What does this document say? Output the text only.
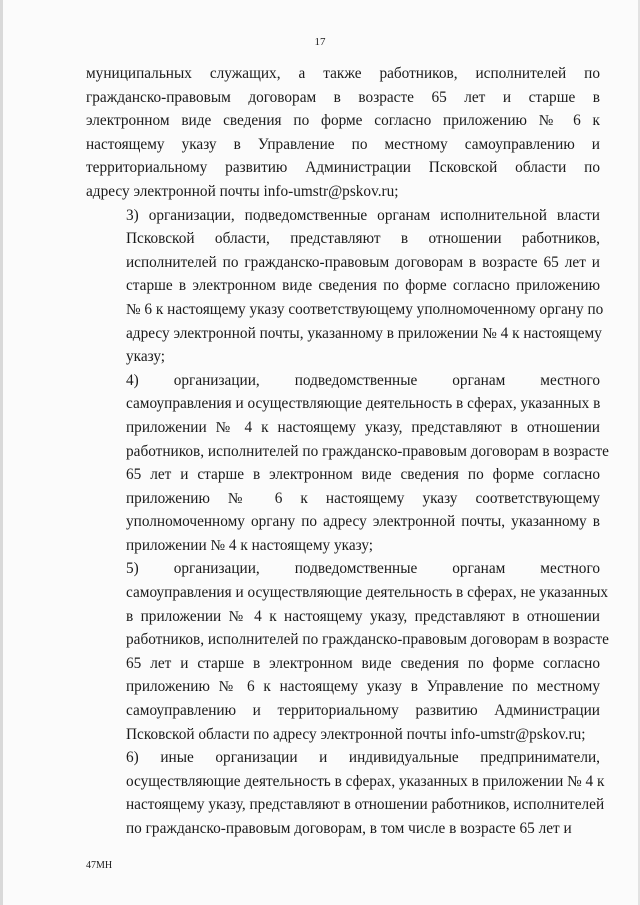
17
муниципальных служащих, а также работников, исполнителей по
гражданско-правовым договорам в возрасте 65 лет и старше в
электронном виде сведения по форме согласно приложению № 6 к
настоящему указу в Управление по местному самоуправлению и
территориальному развитию Администрации Псковской области по
адресу электронной почты info-umstr@pskov.ru;
3) организации, подведомственные органам исполнительной власти
Псковской области, представляют в отношении работников,
исполнителей по гражданско-правовым договорам в возрасте 65 лет и
старше в электронном виде сведения по форме согласно приложению
№ 6 к настоящему указу соответствующему уполномоченному органу по
адресу электронной почты, указанному в приложении № 4 к настоящему
указу;
4) организации, подведомственные органам местного
самоуправления и осуществляющие деятельность в сферах, указанных в
приложении № 4 к настоящему указу, представляют в отношении
работников, исполнителей по гражданско-правовым договорам в возрасте
65 лет и старше в электронном виде сведения по форме согласно
приложению № 6 к настоящему указу соответствующему
уполномоченному органу по адресу электронной почты, указанному в
приложении № 4 к настоящему указу;
5) организации, подведомственные органам местного
самоуправления и осуществляющие деятельность в сферах, не указанных
в приложении № 4 к настоящему указу, представляют в отношении
работников, исполнителей по гражданско-правовым договорам в возрасте
65 лет и старше в электронном виде сведения по форме согласно
приложению № 6 к настоящему указу в Управление по местному
самоуправлению и территориальному развитию Администрации
Псковской области по адресу электронной почты info-umstr@pskov.ru;
6) иные организации и индивидуальные предприниматели,
осуществляющие деятельность в сферах, указанных в приложении № 4 к
настоящему указу, представляют в отношении работников, исполнителей
по гражданско-правовым договорам, в том числе в возрасте 65 лет и
47МН
